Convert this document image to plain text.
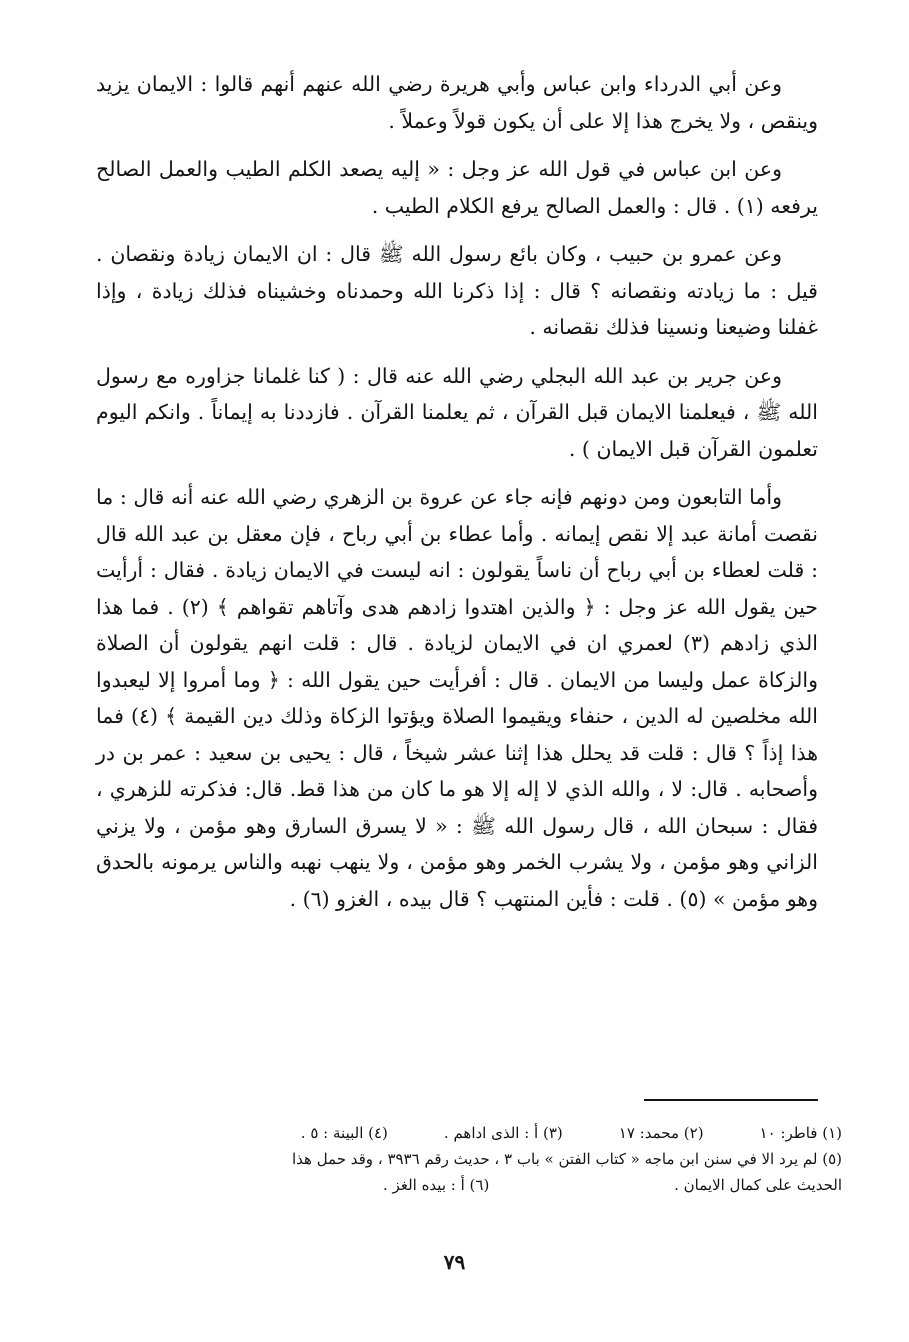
وعن أبي الدرداء وابن عباس وأبي هريرة رضي الله عنهم أنهم قالوا : الايمان يزيد وينقص ، ولا يخرج هذا إلا على أن يكون قولاً وعملاً .

وعن ابن عباس في قول الله عز وجل : « إليه يصعد الكلم الطيب والعمل الصالح يرفعه (١) . قال : والعمل الصالح يرفع الكلام الطيب .

وعن عمرو بن حبيب ، وكان بائع رسول الله ﷺ قال : ان الايمان زيادة ونقصان . قيل : ما زيادته ونقصانه ؟ قال : إذا ذكرنا الله وحمدناه وخشيناه فذلك زيادة ، وإذا غفلنا وضيعنا ونسينا فذلك نقصانه .

وعن جرير بن عبد الله البجلي رضي الله عنه قال : ( كنا غلمانا جزاوره مع رسول الله ﷺ ، فيعلمنا الايمان قبل القرآن ، ثم يعلمنا القرآن . فازددنا به إيماناً . وانكم اليوم تعلمون القرآن قبل الايمان ) .

وأما التابعون ومن دونهم فإنه جاء عن عروة بن الزهري رضي الله عنه أنه قال : ما نقصت أمانة عبد إلا نقص إيمانه . وأما عطاء بن أبي رباح ، فإن معقل بن عبد الله قال : قلت لعطاء بن أبي رباح أن ناساً يقولون : انه ليست في الايمان زيادة . فقال : أرأيت حين يقول الله عز وجل : ﴿ والذين اهتدوا زادهم هدى وآتاهم تقواهم ﴾ (٢) . فما هذا الذي زادهم (٣) لعمري ان في الايمان لزيادة . قال : قلت انهم يقولون أن الصلاة والزكاة عمل وليسا من الايمان . قال : أفرأيت حين يقول الله : ﴿ وما أمروا إلا ليعبدوا الله مخلصين له الدين ، حنفاء ويقيموا الصلاة ويؤتوا الزكاة وذلك دين القيمة ﴾ (٤) فما هذا إذاً ؟ قال : قلت قد يحلل هذا إثنا عشر شيخاً ، قال : يحيى بن سعيد : عمر بن در وأصحابه . قال: لا ، والله الذي لا إله إلا هو ما كان من هذا قط. قال: فذكرته للزهري ، فقال : سبحان الله ، قال رسول الله ﷺ : « لا يسرق السارق وهو مؤمن ، ولا يزني الزاني وهو مؤمن ، ولا يشرب الخمر وهو مؤمن ، ولا ينهب نهبه والناس يرمونه بالحدق وهو مؤمن » (٥) . قلت : فأين المنتهب ؟ قال بيده ، الغزو (٦) .

(١) فاطر: ١٠
(٢) محمد: ١٧
(٣) أ : الذى اداهم .
(٤) البينة : ٥ .
(٥) لم يرد الا في سنن ابن ماجه « كتاب الفتن » باب ٣ ، حديث رقم ٣٩٣٦ ، وقد حمل هذا
الحديث على كمال الايمان . (٦) أ : بيده الغز .
٧٩
